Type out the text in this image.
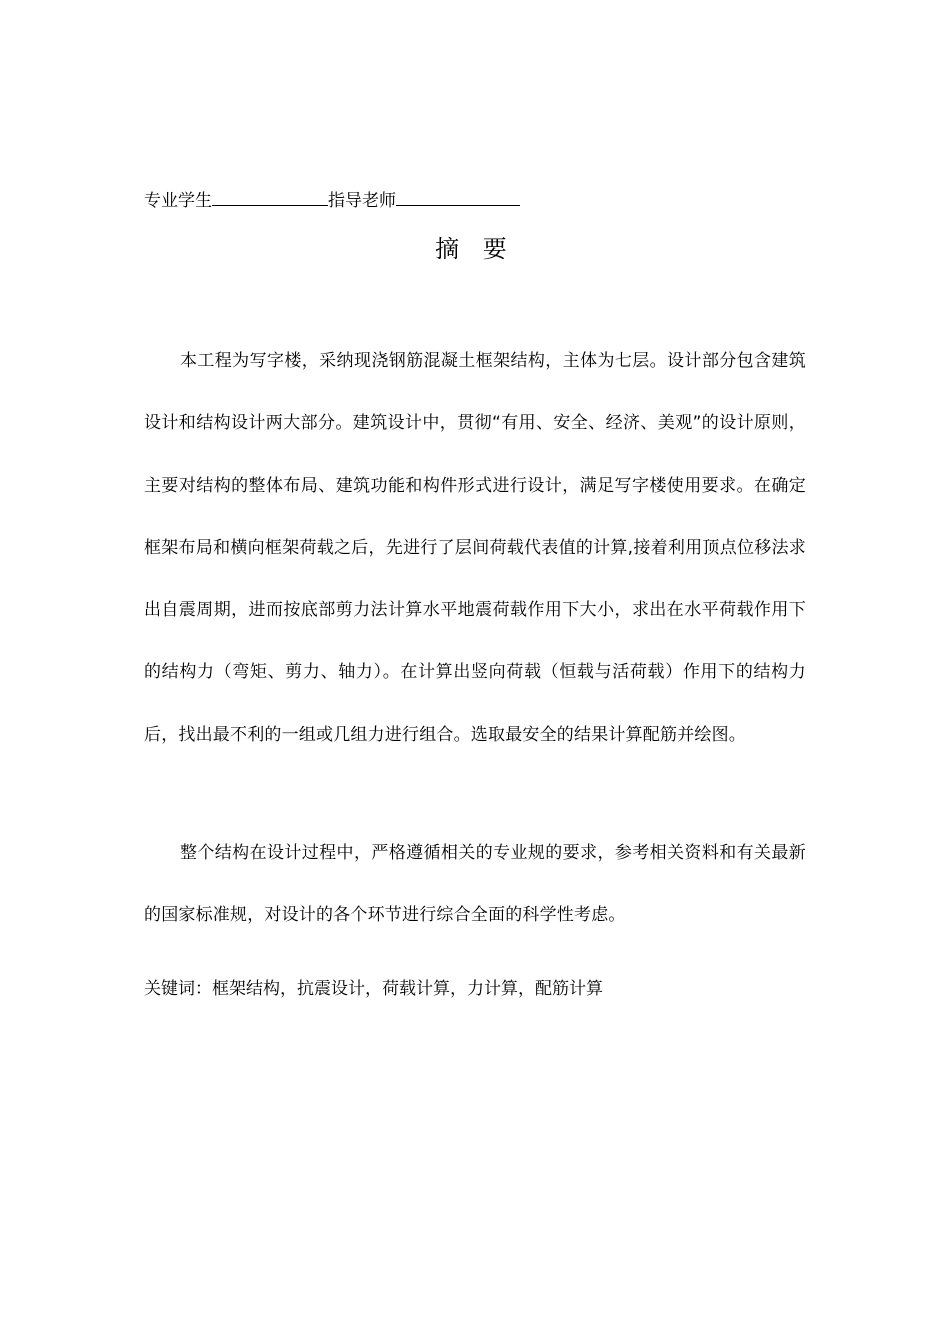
专业学生	指导老师
摘 要

本工程为写字楼，采纳现浇钢筋混凝土框架结构，主体为七层。设计部分包含建筑设计和结构设计两大部分。建筑设计中，贯彻“有用、安全、经济、美观”的设计原则，主要对结构的整体布局、建筑功能和构件形式进行设计，满足写字楼使用要求。在确定框架布局和横向框架荷载之后，先进行了层间荷载代表值的计算,接着利用顶点位移法求出自震周期，进而按底部剪力法计算水平地震荷载作用下大小，求出在水平荷载作用下的结构力（弯矩、剪力、轴力）。在计算出竖向荷载（恒载与活荷载）作用下的结构力后，找出最不利的一组或几组力进行组合。选取最安全的结果计算配筋并绘图。

整个结构在设计过程中，严格遵循相关的专业规的要求，参考相关资料和有关最新的国家标准规，对设计的各个环节进行综合全面的科学性考虑。

关键词：框架结构，抗震设计，荷载计算，力计算，配筋计算
